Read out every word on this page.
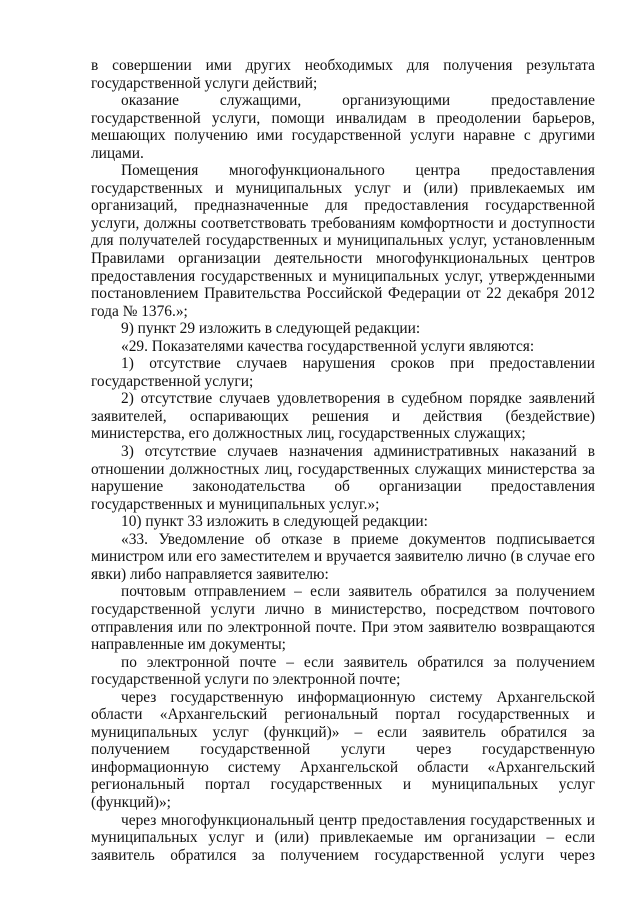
в совершении ими других необходимых для получения результата государственной услуги действий;

оказание служащими, организующими предоставление государственной услуги, помощи инвалидам в преодолении барьеров, мешающих получению ими государственной услуги наравне с другими лицами.

Помещения многофункционального центра предоставления государственных и муниципальных услуг и (или) привлекаемых им организаций, предназначенные для предоставления государственной услуги, должны соответствовать требованиям комфортности и доступности для получателей государственных и муниципальных услуг, установленным Правилами организации деятельности многофункциональных центров предоставления государственных и муниципальных услуг, утвержденными постановлением Правительства Российской Федерации от 22 декабря 2012 года № 1376.»;

9) пункт 29 изложить в следующей редакции:

«29. Показателями качества государственной услуги являются:

1) отсутствие случаев нарушения сроков при предоставлении государственной услуги;

2) отсутствие случаев удовлетворения в судебном порядке заявлений заявителей, оспаривающих решения и действия (бездействие) министерства, его должностных лиц, государственных служащих;

3) отсутствие случаев назначения административных наказаний в отношении должностных лиц, государственных служащих министерства за нарушение законодательства об организации предоставления государственных и муниципальных услуг.»;

10) пункт 33 изложить в следующей редакции:

«33. Уведомление об отказе в приеме документов подписывается министром или его заместителем и вручается заявителю лично (в случае его явки) либо направляется заявителю:

почтовым отправлением – если заявитель обратился за получением государственной услуги лично в министерство, посредством почтового отправления или по электронной почте. При этом заявителю возвращаются направленные им документы;

по электронной почте – если заявитель обратился за получением государственной услуги по электронной почте;

через государственную информационную систему Архангельской области «Архангельский региональный портал государственных и муниципальных услуг (функций)» – если заявитель обратился за получением государственной услуги через государственную информационную систему Архангельской области «Архангельский региональный портал государственных и муниципальных услуг (функций)»;

через многофункциональный центр предоставления государственных и муниципальных услуг и (или) привлекаемые им организации – если заявитель обратился за получением государственной услуги через
